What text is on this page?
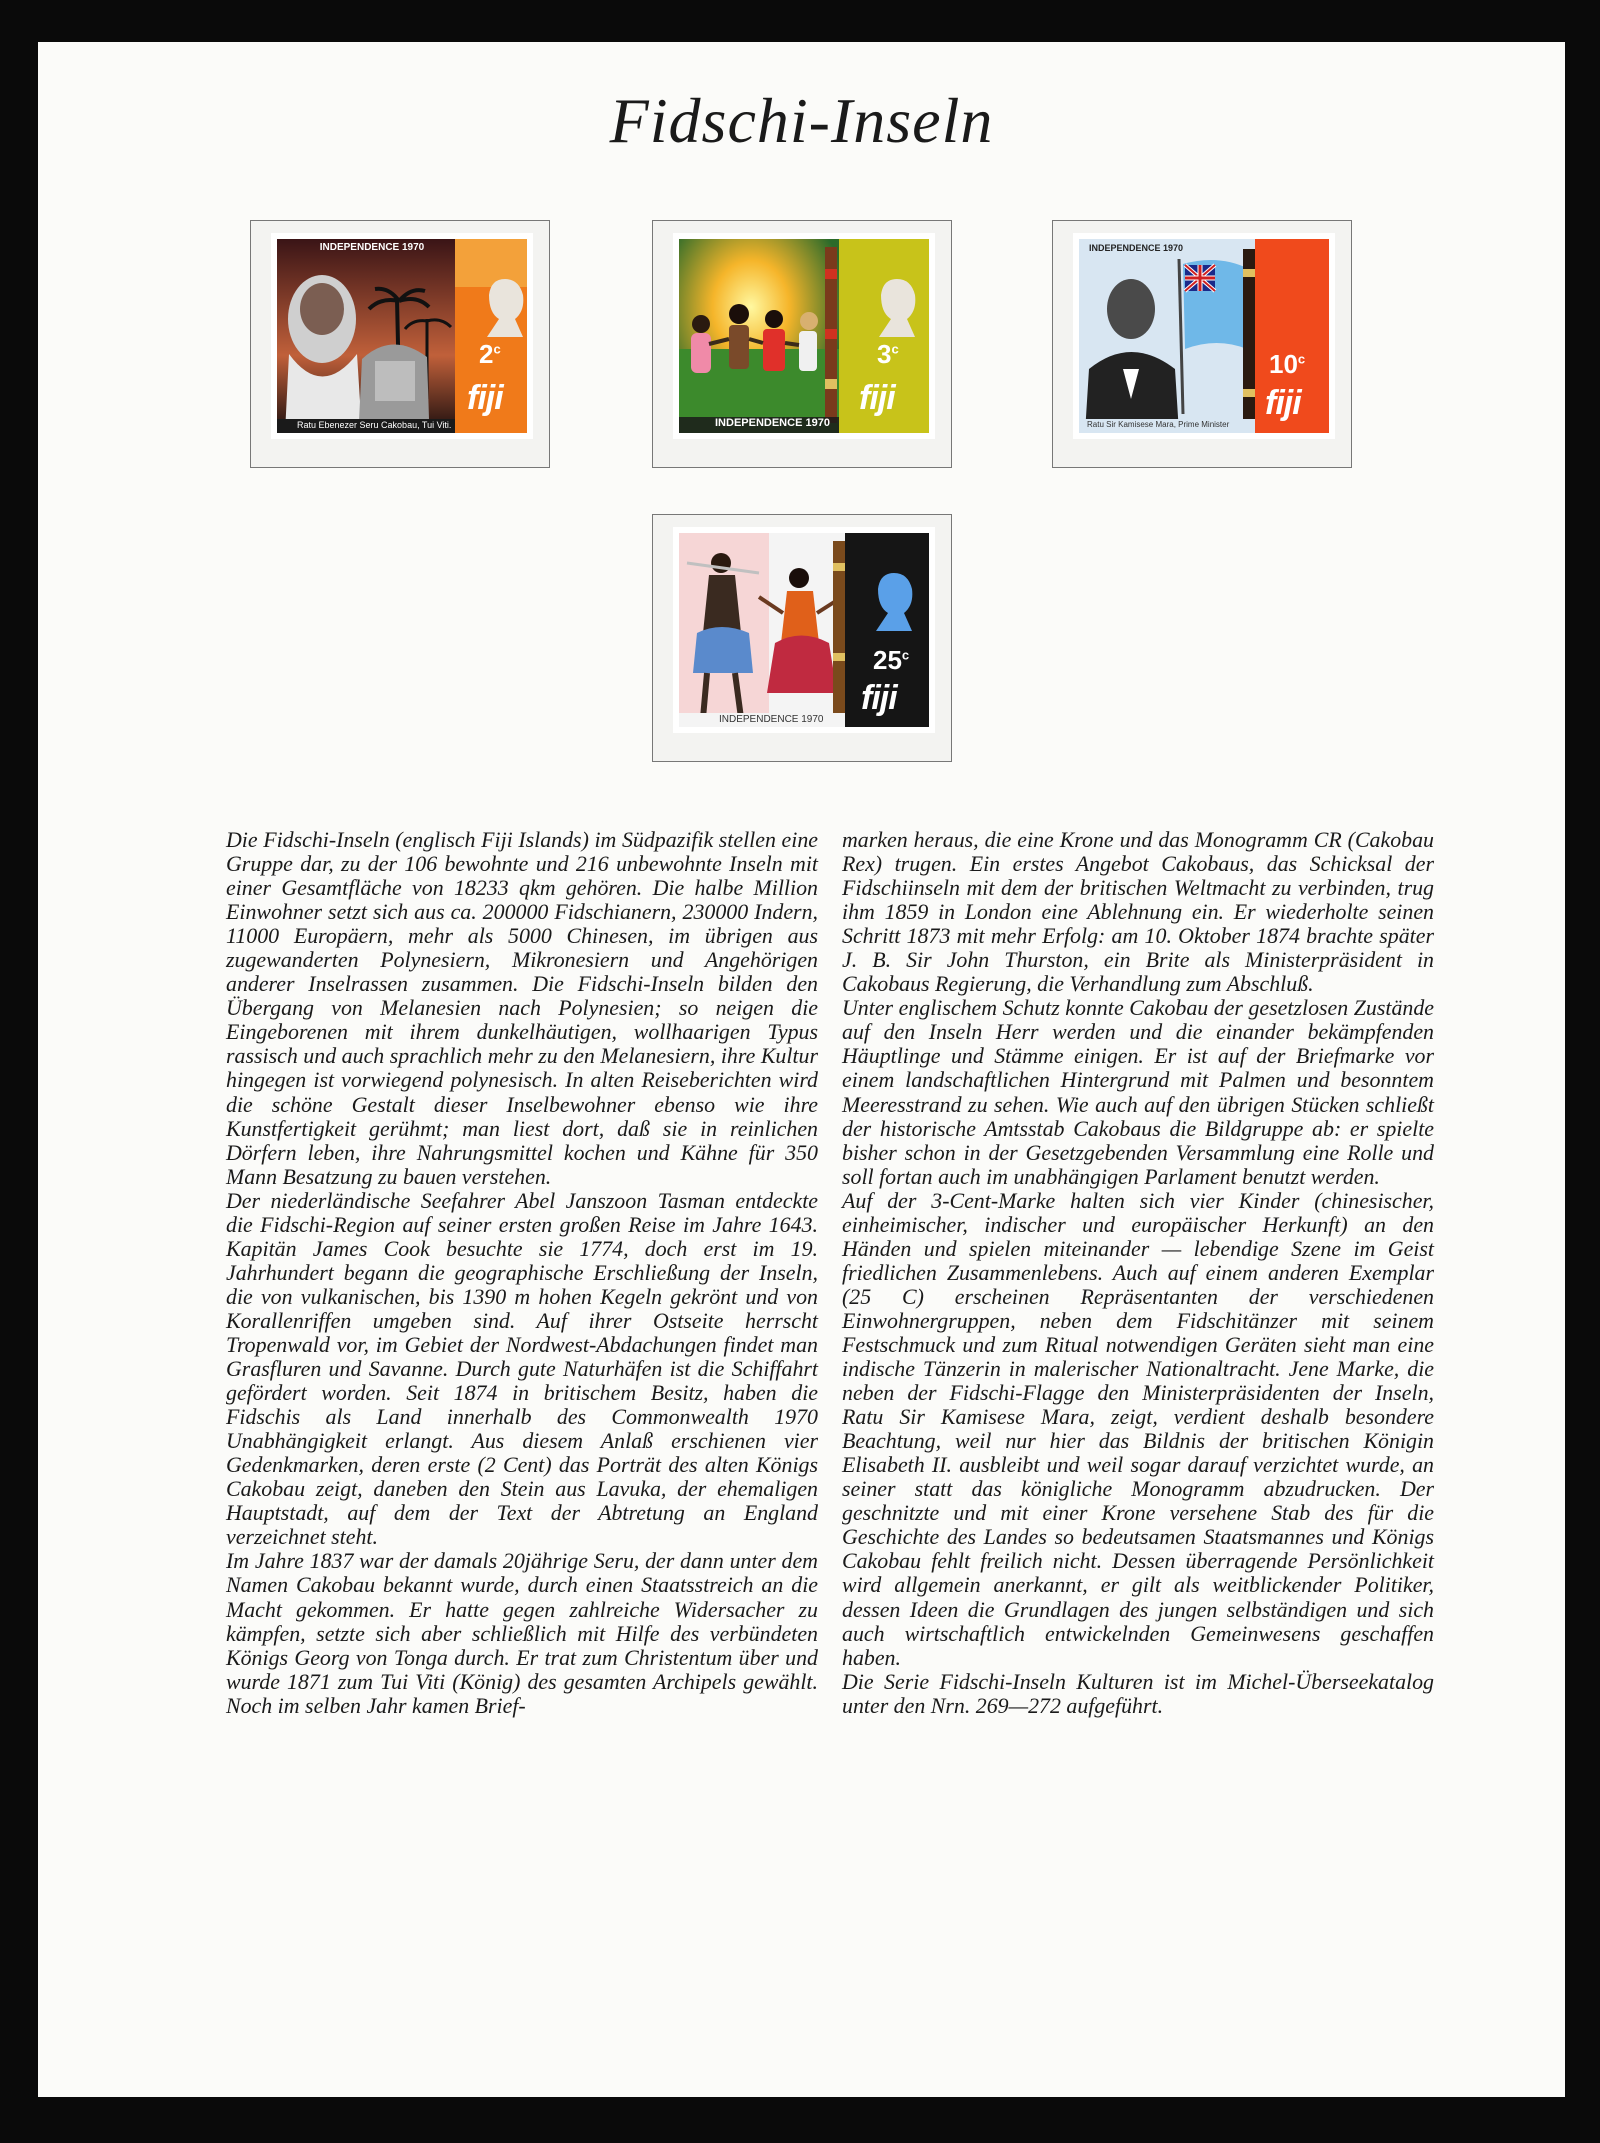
Fidschi-Inseln
INDEPENDENCE 1970
2$^c$
fiji
Ratu Ebenezer Seru Cakobau, Tui Viti.
3$^c$
fiji
INDEPENDENCE 1970
INDEPENDENCE 1970
10$^c$
fiji
Ratu Sir Kamisese Mara, Prime Minister
25$^c$
fiji
INDEPENDENCE 1970

Die Fidschi-Inseln (englisch Fiji Islands) im Südpazifik stellen eine Gruppe dar, zu der 106 bewohnte und 216 unbewohnte Inseln mit einer Gesamtfläche von 18233 qkm gehören. Die halbe Million Einwohner setzt sich aus ca. 200000 Fidschianern, 230000 Indern, 11000 Europäern, mehr als 5000 Chinesen, im übrigen aus zugewanderten Polynesiern, Mikronesiern und Angehörigen anderer Inselrassen zusammen. Die Fidschi-Inseln bilden den Übergang von Melanesien nach Polynesien; so neigen die Eingeborenen mit ihrem dunkelhäutigen, wollhaarigen Typus rassisch und auch sprachlich mehr zu den Melanesiern, ihre Kultur hingegen ist vorwiegend polynesisch. In alten Reiseberichten wird die schöne Gestalt dieser Inselbewohner ebenso wie ihre Kunstfertigkeit gerühmt; man liest dort, daß sie in reinlichen Dörfern leben, ihre Nahrungsmittel kochen und Kähne für 350 Mann Besatzung zu bauen verstehen.

Der niederländische Seefahrer Abel Janszoon Tasman entdeckte die Fidschi-Region auf seiner ersten großen Reise im Jahre 1643. Kapitän James Cook besuchte sie 1774, doch erst im 19. Jahrhundert begann die geographische Erschließung der Inseln, die von vulkanischen, bis 1390 m hohen Kegeln gekrönt und von Korallenriffen umgeben sind. Auf ihrer Ostseite herrscht Tropenwald vor, im Gebiet der Nordwest-Abdachungen findet man Grasfluren und Savanne. Durch gute Naturhäfen ist die Schiffahrt gefördert worden. Seit 1874 in britischem Besitz, haben die Fidschis als Land innerhalb des Commonwealth 1970 Unabhängigkeit erlangt. Aus diesem Anlaß erschienen vier Gedenkmarken, deren erste (2 Cent) das Porträt des alten Königs Cakobau zeigt, daneben den Stein aus Lavuka, der ehemaligen Hauptstadt, auf dem der Text der Abtretung an England verzeichnet steht.

Im Jahre 1837 war der damals 20jährige Seru, der dann unter dem Namen Cakobau bekannt wurde, durch einen Staatsstreich an die Macht gekommen. Er hatte gegen zahlreiche Widersacher zu kämpfen, setzte sich aber schließlich mit Hilfe des verbündeten Königs Georg von Tonga durch. Er trat zum Christentum über und wurde 1871 zum Tui Viti (König) des gesamten Archipels gewählt. Noch im selben Jahr kamen Brief-

marken heraus, die eine Krone und das Monogramm CR (Cakobau Rex) trugen. Ein erstes Angebot Cakobaus, das Schicksal der Fidschiinseln mit dem der britischen Weltmacht zu verbinden, trug ihm 1859 in London eine Ablehnung ein. Er wiederholte seinen Schritt 1873 mit mehr Erfolg: am 10. Oktober 1874 brachte später J. B. Sir John Thurston, ein Brite als Ministerpräsident in Cakobaus Regierung, die Verhandlung zum Abschluß.

Unter englischem Schutz konnte Cakobau der gesetzlosen Zustände auf den Inseln Herr werden und die einander bekämpfenden Häuptlinge und Stämme einigen. Er ist auf der Briefmarke vor einem landschaftlichen Hintergrund mit Palmen und besonntem Meeresstrand zu sehen. Wie auch auf den übrigen Stücken schließt der historische Amtsstab Cakobaus die Bildgruppe ab: er spielte bisher schon in der Gesetzgebenden Versammlung eine Rolle und soll fortan auch im unabhängigen Parlament benutzt werden.

Auf der 3-Cent-Marke halten sich vier Kinder (chinesischer, einheimischer, indischer und europäischer Herkunft) an den Händen und spielen miteinander — lebendige Szene im Geist friedlichen Zusammenlebens. Auch auf einem anderen Exemplar (25 C) erscheinen Repräsentanten der verschiedenen Einwohnergruppen, neben dem Fidschitänzer mit seinem Festschmuck und zum Ritual notwendigen Geräten sieht man eine indische Tänzerin in malerischer Nationaltracht. Jene Marke, die neben der Fidschi-Flagge den Ministerpräsidenten der Inseln, Ratu Sir Kamisese Mara, zeigt, verdient deshalb besondere Beachtung, weil nur hier das Bildnis der britischen Königin Elisabeth II. ausbleibt und weil sogar darauf verzichtet wurde, an seiner statt das königliche Monogramm abzudrucken. Der geschnitzte und mit einer Krone versehene Stab des für die Geschichte des Landes so bedeutsamen Staatsmannes und Königs Cakobau fehlt freilich nicht. Dessen überragende Persönlichkeit wird allgemein anerkannt, er gilt als weitblickender Politiker, dessen Ideen die Grundlagen des jungen selbständigen und sich auch wirtschaftlich entwickelnden Gemeinwesens geschaffen haben.

Die Serie Fidschi-Inseln Kulturen ist im Michel-Überseekatalog unter den Nrn. 269—272 aufgeführt.
